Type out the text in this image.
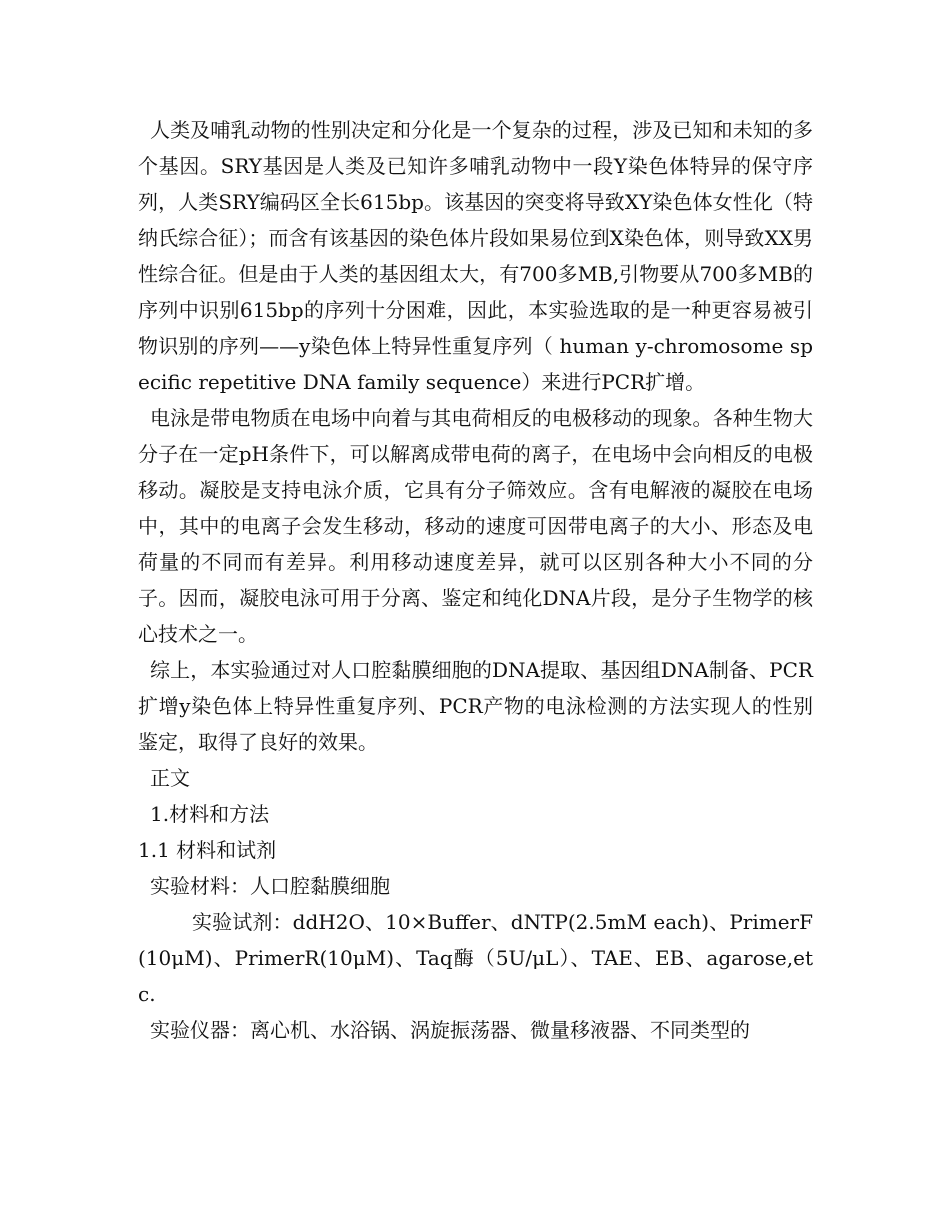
人类及哺乳动物的性别决定和分化是一个复杂的过程，涉及已知和未知的多个基因。SRY基因是人类及已知许多哺乳动物中一段Y染色体特异的保守序列，人类SRY编码区全长615bp。该基因的突变将导致XY染色体女性化（特纳氏综合征）；而含有该基因的染色体片段如果易位到X染色体，则导致XX男性综合征。但是由于人类的基因组太大，有700多MB,引物要从700多MB的序列中识别615bp的序列十分困难，因此，本实验选取的是一种更容易被引物识别的序列——y染色体上特异性重复序列（ human y-chromosome specific repetitive DNA family sequence）来进行PCR扩增。

电泳是带电物质在电场中向着与其电荷相反的电极移动的现象。各种生物大分子在一定pH条件下，可以解离成带电荷的离子，在电场中会向相反的电极移动。凝胶是支持电泳介质，它具有分子筛效应。含有电解液的凝胶在电场中，其中的电离子会发生移动，移动的速度可因带电离子的大小、形态及电荷量的不同而有差异。利用移动速度差异，就可以区别各种大小不同的分子。因而，凝胶电泳可用于分离、鉴定和纯化DNA片段，是分子生物学的核心技术之一。

综上，本实验通过对人口腔黏膜细胞的DNA提取、基因组DNA制备、PCR扩增y染色体上特异性重复序列、PCR产物的电泳检测的方法实现人的性别鉴定，取得了良好的效果。

正文

1.材料和方法

1.1 材料和试剂

实验材料：人口腔黏膜细胞

实验试剂：ddH2O、10×Buffer、dNTP(2.5mM each)、PrimerF(10μM)、PrimerR(10μM)、Taq酶（5U/μL）、TAE、EB、agarose,etc.

实验仪器：离心机、水浴锅、涡旋振荡器、微量移液器、不同类型的
